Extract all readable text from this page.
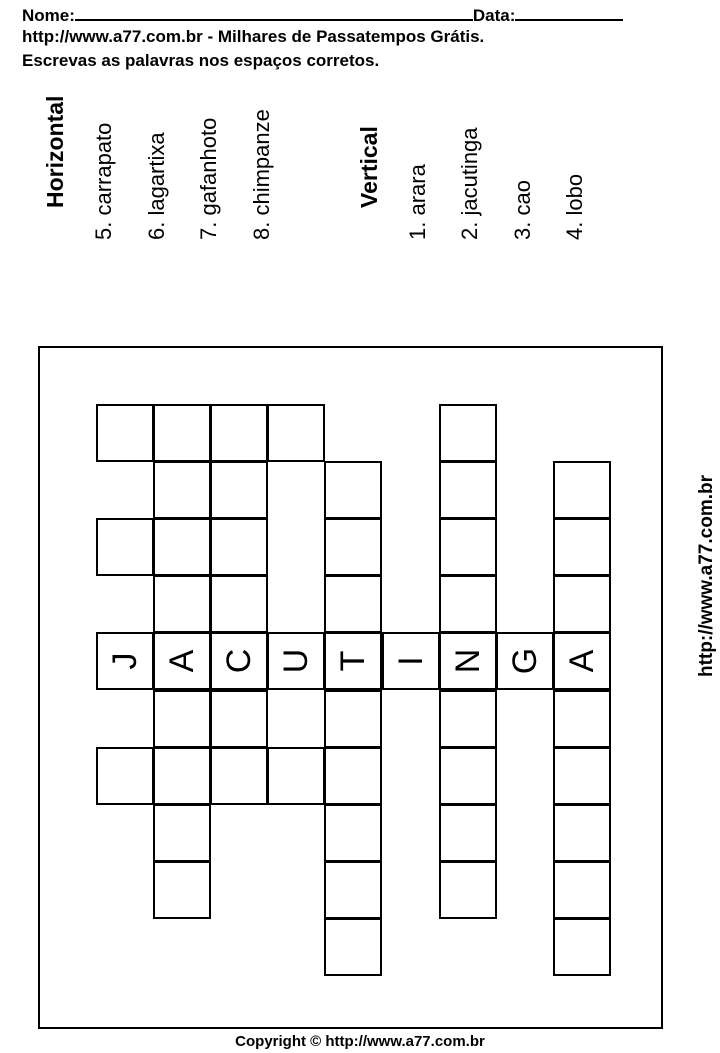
Nome:	Data:
http://www.a77.com.br - Milhares de Passatempos Grátis.
Escrevas as palavras nos espaços corretos.
Horizontal 5. carrapato 6. lagartixa 7. gafanhoto 8. chimpanze	Vertical 1. arara 2. jacutinga 3. cao 4. lobo
J A C U T I N G A	http://www.a77.com.br
Copyright © http://www.a77.com.br
